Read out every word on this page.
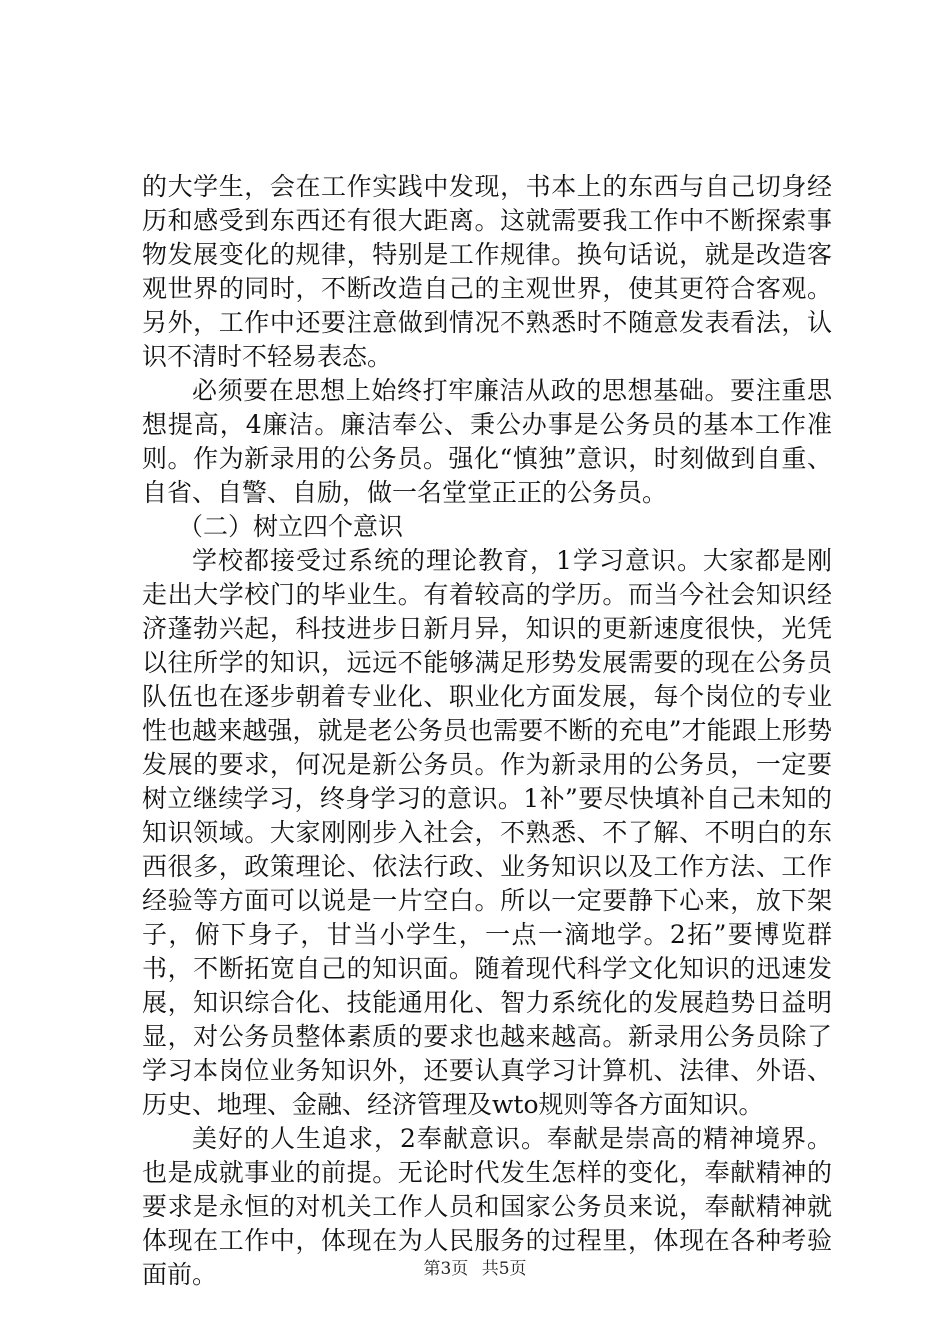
的大学生，会在工作实践中发现，书本上的东西与自己切身经历和感受到东西还有很大距离。这就需要我工作中不断探索事物发展变化的规律，特别是工作规律。换句话说，就是改造客观世界的同时，不断改造自己的主观世界，使其更符合客观。另外，工作中还要注意做到情况不熟悉时不随意发表看法，认识不清时不轻易表态。

必须要在思想上始终打牢廉洁从政的思想基础。要注重思想提高，4廉洁。廉洁奉公、秉公办事是公务员的基本工作准则。作为新录用的公务员。强化“慎独”意识，时刻做到自重、自省、自警、自励，做一名堂堂正正的公务员。

（二）树立四个意识

学校都接受过系统的理论教育，1学习意识。大家都是刚走出大学校门的毕业生。有着较高的学历。而当今社会知识经济蓬勃兴起，科技进步日新月异，知识的更新速度很快，光凭以往所学的知识，远远不能够满足形势发展需要的现在公务员队伍也在逐步朝着专业化、职业化方面发展，每个岗位的专业性也越来越强，就是老公务员也需要不断的充电”才能跟上形势发展的要求，何况是新公务员。作为新录用的公务员，一定要树立继续学习，终身学习的意识。1补”要尽快填补自己未知的知识领域。大家刚刚步入社会，不熟悉、不了解、不明白的东西很多，政策理论、依法行政、业务知识以及工作方法、工作经验等方面可以说是一片空白。所以一定要静下心来，放下架子，俯下身子，甘当小学生，一点一滴地学。2拓”要博览群书，不断拓宽自己的知识面。随着现代科学文化知识的迅速发展，知识综合化、技能通用化、智力系统化的发展趋势日益明显，对公务员整体素质的要求也越来越高。新录用公务员除了学习本岗位业务知识外，还要认真学习计算机、法律、外语、历史、地理、金融、经济管理及wto规则等各方面知识。

美好的人生追求，2奉献意识。奉献是崇高的精神境界。也是成就事业的前提。无论时代发生怎样的变化，奉献精神的要求是永恒的对机关工作人员和国家公务员来说，奉献精神就体现在工作中，体现在为人民服务的过程里，体现在各种考验面前。	第3页 共5页
